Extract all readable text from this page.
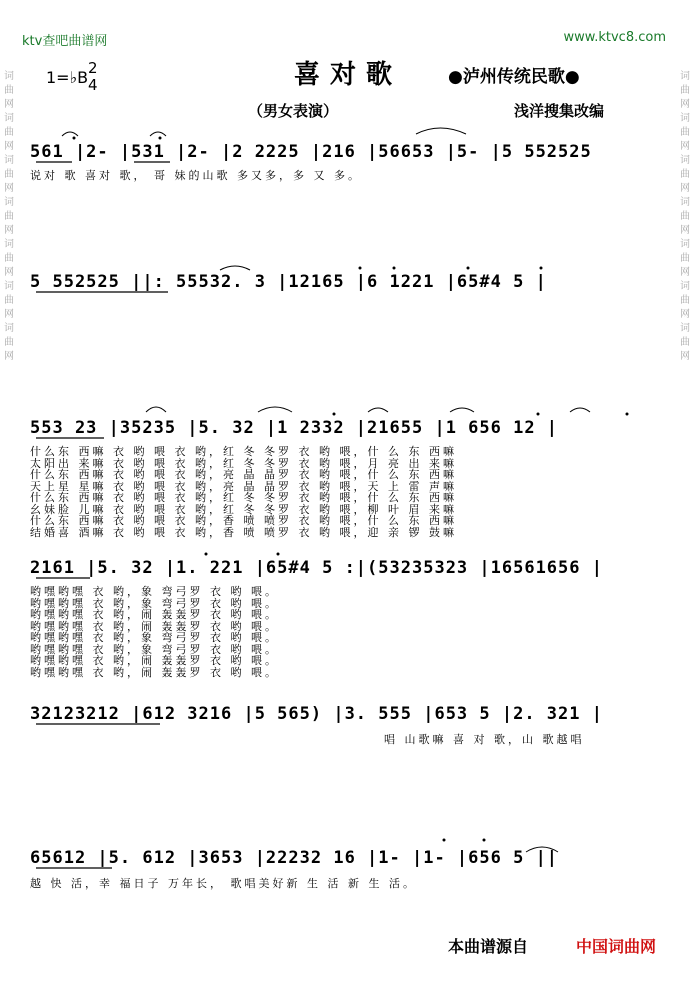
ktv查吧曲谱网	www.ktvc8.com
喜对歌
1=♭B 2
4	●泸州传统民歌●
（男女表演）	浅洋搜集改编
词曲网词曲网词曲网词曲网词曲网词曲网词曲网
词曲网词曲网词曲网词曲网词曲网词曲网词曲网
561 |2- |531 |2- |2 2225 |216 |56653 |5- |5 552525
说对 歌 喜对 歌， 哥 妹的山歌 多又多，多 又 多。
5 552525 ||: 55532. 3 |12165 |6 1221 |65#4 5 |
553 23 |35235 |5. 32 |1 2332 |21655 |1 656 12 |
什么东 西嘛 衣 哟 喂 衣 哟，红 冬 冬罗 衣 哟 喂，什 么 东 西嘛
太阳出 来嘛 衣 哟 喂 衣 哟，红 冬 冬罗 衣 哟 喂，月 亮 出 来嘛
什么东 西嘛 衣 哟 喂 衣 哟，亮 晶 晶罗 衣 哟 喂，什 么 东 西嘛
天上星 星嘛 衣 哟 喂 衣 哟，亮 晶 晶罗 衣 哟 喂，天 上 雷 声嘛
什么东 西嘛 衣 哟 喂 衣 哟，红 冬 冬罗 衣 哟 喂，什 么 东 西嘛
幺妹脸 儿嘛 衣 哟 喂 衣 哟，红 冬 冬罗 衣 哟 喂，柳 叶 眉 来嘛
什么东 西嘛 衣 哟 喂 衣 哟，香 喷 喷罗 衣 哟 喂，什 么 东 西嘛
结婚喜 酒嘛 衣 哟 喂 衣 哟，香 喷 喷罗 衣 哟 喂，迎 亲 锣 鼓嘛
2161 |5. 32 |1. 221 |65#4 5 :|(53235323 |16561656 |
哟嘿哟嘿 衣 哟，象 弯弓罗 衣 哟 喂。
哟嘿哟嘿 衣 哟，象 弯弓罗 衣 哟 喂。
哟嘿哟嘿 衣 哟，闹 轰轰罗 衣 哟 喂。
哟嘿哟嘿 衣 哟，闹 轰轰罗 衣 哟 喂。
哟嘿哟嘿 衣 哟，象 弯弓罗 衣 哟 喂。
哟嘿哟嘿 衣 哟，象 弯弓罗 衣 哟 喂。
哟嘿哟嘿 衣 哟，闹 轰轰罗 衣 哟 喂。
哟嘿哟嘿 衣 哟，闹 轰轰罗 衣 哟 喂。
32123212 |612 3216 |5 565) |3. 555 |653 5 |2. 321 |
唱 山歌嘛 喜 对 歌，山 歌越唱
65612 |5. 612 |3653 |22232 16 |1- |1- |656 5 ||
越 快 活，幸 福日子 万年长， 歌唱美好新 生 活 新 生 活。
本曲谱源自	中国词曲网
